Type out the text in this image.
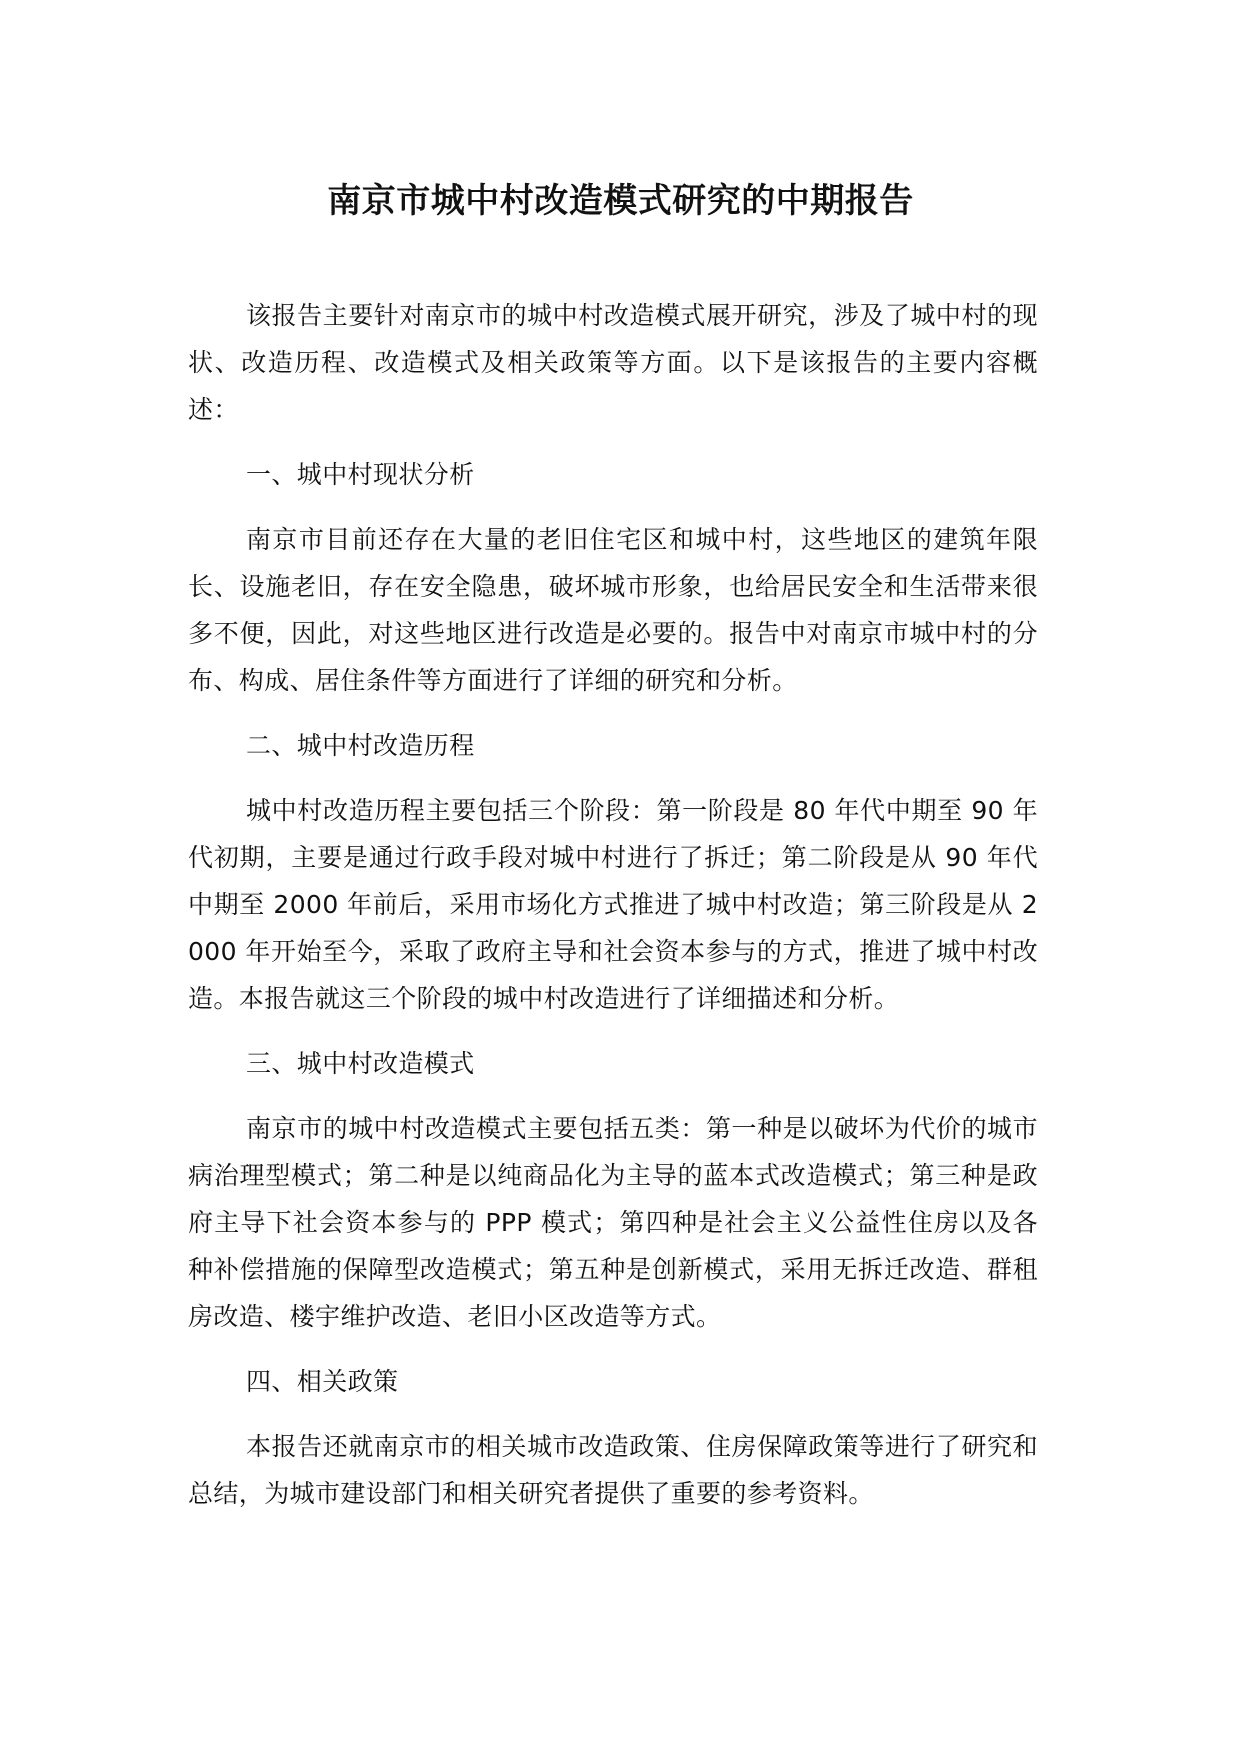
南京市城中村改造模式研究的中期报告

该报告主要针对南京市的城中村改造模式展开研究，涉及了城中村的现状、改造历程、改造模式及相关政策等方面。以下是该报告的主要内容概述：

一、城中村现状分析

南京市目前还存在大量的老旧住宅区和城中村，这些地区的建筑年限长、设施老旧，存在安全隐患，破坏城市形象，也给居民安全和生活带来很多不便，因此，对这些地区进行改造是必要的。报告中对南京市城中村的分布、构成、居住条件等方面进行了详细的研究和分析。

二、城中村改造历程

城中村改造历程主要包括三个阶段：第一阶段是 80 年代中期至 90 年代初期，主要是通过行政手段对城中村进行了拆迁；第二阶段是从 90 年代中期至 2000 年前后，采用市场化方式推进了城中村改造；第三阶段是从 2000 年开始至今，采取了政府主导和社会资本参与的方式，推进了城中村改造。本报告就这三个阶段的城中村改造进行了详细描述和分析。

三、城中村改造模式

南京市的城中村改造模式主要包括五类：第一种是以破坏为代价的城市病治理型模式；第二种是以纯商品化为主导的蓝本式改造模式；第三种是政府主导下社会资本参与的 PPP 模式；第四种是社会主义公益性住房以及各种补偿措施的保障型改造模式；第五种是创新模式，采用无拆迁改造、群租房改造、楼宇维护改造、老旧小区改造等方式。

四、相关政策

本报告还就南京市的相关城市改造政策、住房保障政策等进行了研究和总结，为城市建设部门和相关研究者提供了重要的参考资料。
